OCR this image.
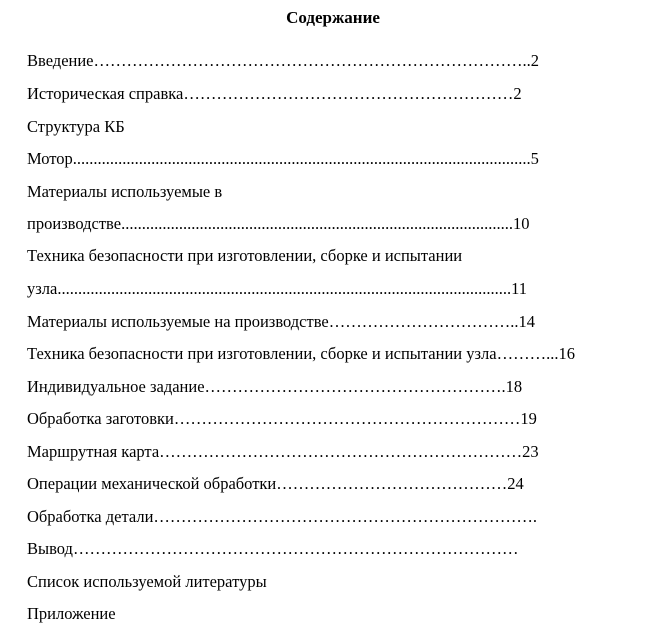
Содержание
Введение……………………………………………………………………..2
Историческая справка……………………………………………………2
Структура КБ
Мотор...............................................................................................................5
Материалы используемые в
производстве...............................................................................................10
Техника безопасности при изготовлении, сборке и испытании
узла..............................................................................................................11
Материалы используемые на производстве……………………………..14
Техника безопасности при изготовлении, сборке и испытании узла………...16
Индивидуальное задание……………………………………………….18
Обработка заготовки………………………………………………………19
Маршрутная карта…………………………………………………………23
Операции механической обработки……………………………………24
Обработка детали…………………………………………………………….
Вывод………………………………………………………………………
Список используемой литературы
Приложение
